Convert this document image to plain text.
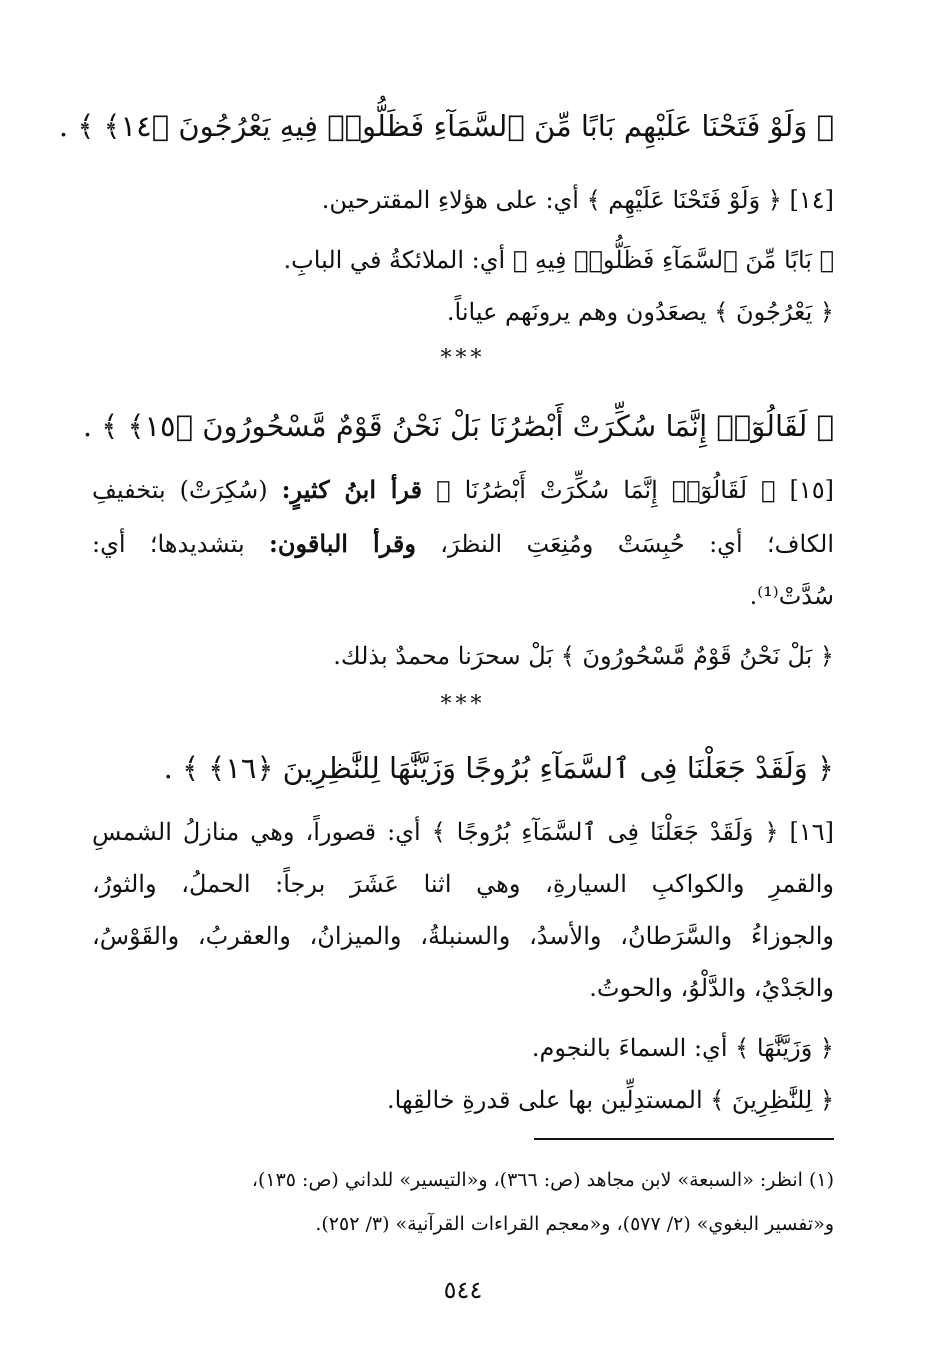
﴿ وَلَوْ فَتَحْنَا عَلَيْهِم بَابًا مِّنَ ٱلسَّمَآءِ فَظَلُّوا۟ فِيهِ يَعْرُجُونَ ﴿١٤﴾ ﴾ .
[١٤] ﴿ وَلَوْ فَتَحْنَا عَلَيْهِم ﴾ أي: على هؤلاءِ المقترحين.
﴿ بَابًا مِّنَ ٱلسَّمَآءِ فَظَلُّوا۟ فِيهِ ﴾ أي: الملائكةُ في البابِ.
﴿ يَعْرُجُونَ ﴾ يصعَدُون وهم يرونَهم عياناً.
***
﴿ لَقَالُوٓا۟ إِنَّمَا سُكِّرَتْ أَبْصَٰرُنَا بَلْ نَحْنُ قَوْمٌ مَّسْحُورُونَ ﴿١٥﴾ ﴾ .
[١٥] ﴿ لَقَالُوٓا۟ إِنَّمَا سُكِّرَتْ أَبْصَٰرُنَا ﴾ قرأ ابنُ كثيرٍ: (سُكِرَتْ) بتخفيفِ
الكاف؛ أي: حُبِسَتْ ومُنِعَتِ النظرَ، وقرأ الباقون: بتشديدها؛ أي:
سُدَّتْ⁽¹⁾.
﴿ بَلْ نَحْنُ قَوْمٌ مَّسْحُورُونَ ﴾ بَلْ سحرَنا محمدٌ بذلك.
***
﴿ وَلَقَدْ جَعَلْنَا فِى ٱلسَّمَآءِ بُرُوجًا وَزَيَّنَّٰهَا لِلنَّٰظِرِينَ ﴿١٦﴾ ﴾ .
[١٦] ﴿ وَلَقَدْ جَعَلْنَا فِى ٱلسَّمَآءِ بُرُوجًا ﴾ أي: قصوراً، وهي منازلُ الشمسِ
والقمرِ والكواكبِ السيارةِ، وهي اثنا عَشَرَ برجاً: الحملُ، والثورُ،
والجوزاءُ والسَّرَطانُ، والأسدُ، والسنبلةُ، والميزانُ، والعقربُ، والقَوْسُ،
والجَدْيُ، والدَّلْوُ، والحوتُ.
﴿ وَزَيَّنَّٰهَا ﴾ أي: السماءَ بالنجوم.
﴿ لِلنَّٰظِرِينَ ﴾ المستدِلِّين بها على قدرةِ خالقِها.
(١) انظر: «السبعة» لابن مجاهد (ص: ٣٦٦)، و«التيسير» للداني (ص: ١٣٥)،
و«تفسير البغوي» (٢/ ٥٧٧)، و«معجم القراءات القرآنية» (٣/ ٢٥٢).
٥٤٤
